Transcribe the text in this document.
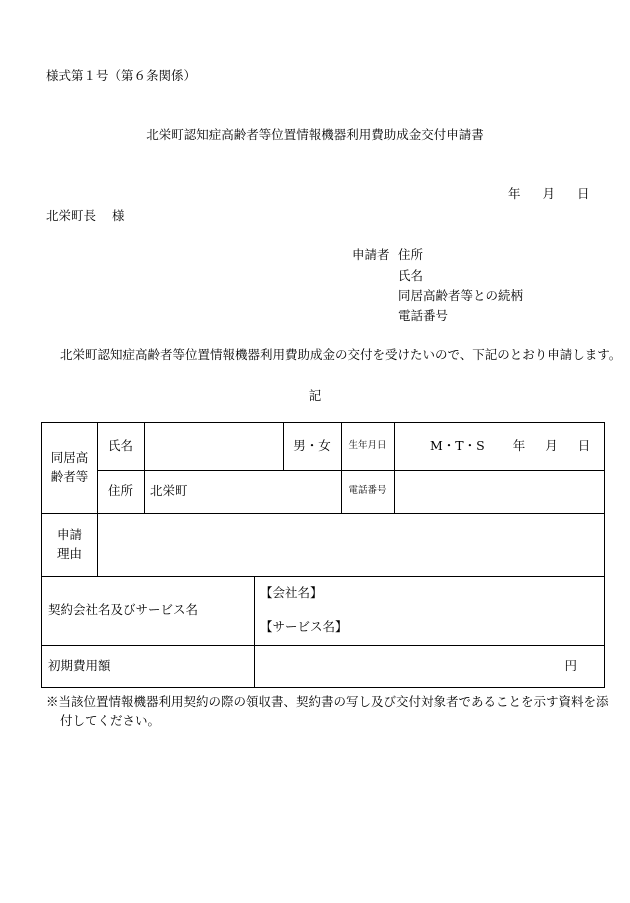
様式第１号（第６条関係）
北栄町認知症高齢者等位置情報機器利用費助成金交付申請書
年 月 日
北栄町長 様
申請者 住所
氏名
同居高齢者等との続柄
電話番号
北栄町認知症高齢者等位置情報機器利用費助成金の交付を受けたいので、下記のとおり申請します。
記
同居高
齢者等
氏名	男・女	生年月日	M・T・S 年 月 日
住所	北栄町	電話番号
申請
理由
契約会社名及びサービス名
【会社名】
【サービス名】
初期費用額	円
※当該位置情報機器利用契約の際の領収書、契約書の写し及び交付対象者であることを示す資料を添
付してください。
